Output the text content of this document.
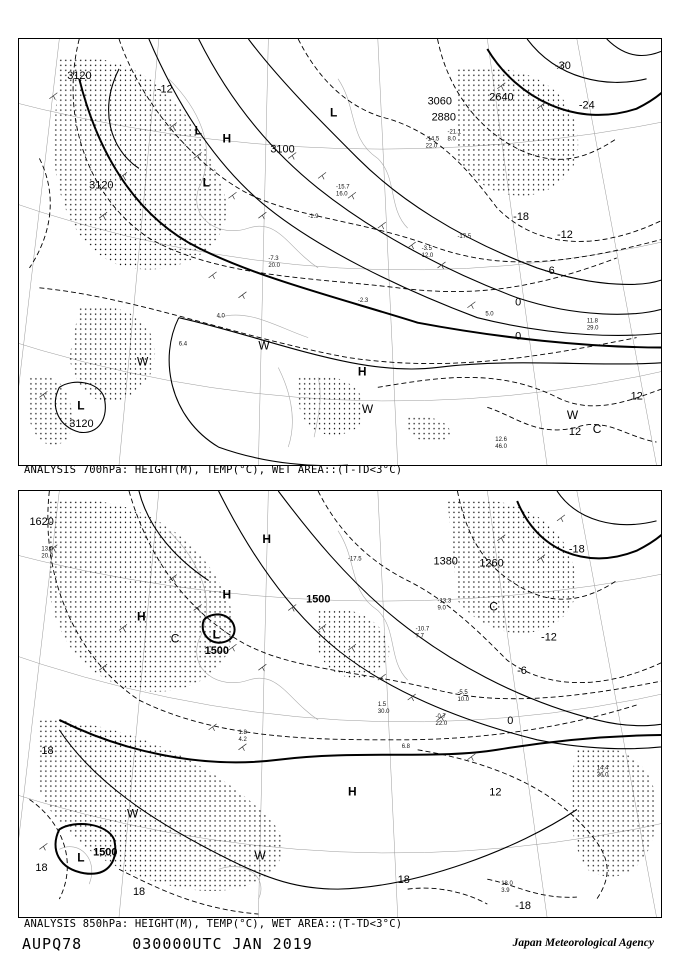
-14.5
22.0
-7.3
20.0
-3.5
12.0
4.0
-2.3
-21.1
8.0
-15.7
16.0
5.0
29.0
11.8
12.6
46.0
-17.5
6.4
-1.9
3120
3120
3100
3120
2880
2640
3060
-12
-18
-12
-6
0
0
12
12
-30
-24
L
H
L
L
L
H
W
W
W	W
C
ANALYSIS 700hPa: HEIGHT(M), TEMP(°C), WET AREA::(T-TD<3°C)
-13.3
9.0
-10.7
7.7
-5.5
10.0
1.5
30.0
-0.7
22.0
14.4
36.0
18.0
3.9
13.0
20.0	-17.5
6.8
1.8
4.2
1500
1500
1500
1380 1260
1620
-18
-12
-6
0
12
18
18
18
18
-18
H
H
H
L
L
H
W
W
C
C
ANALYSIS 850hPa: HEIGHT(M), TEMP(°C), WET AREA::(T-TD<3°C)
AUPQ78	030000UTC JAN 2019	Japan Meteorological Agency
